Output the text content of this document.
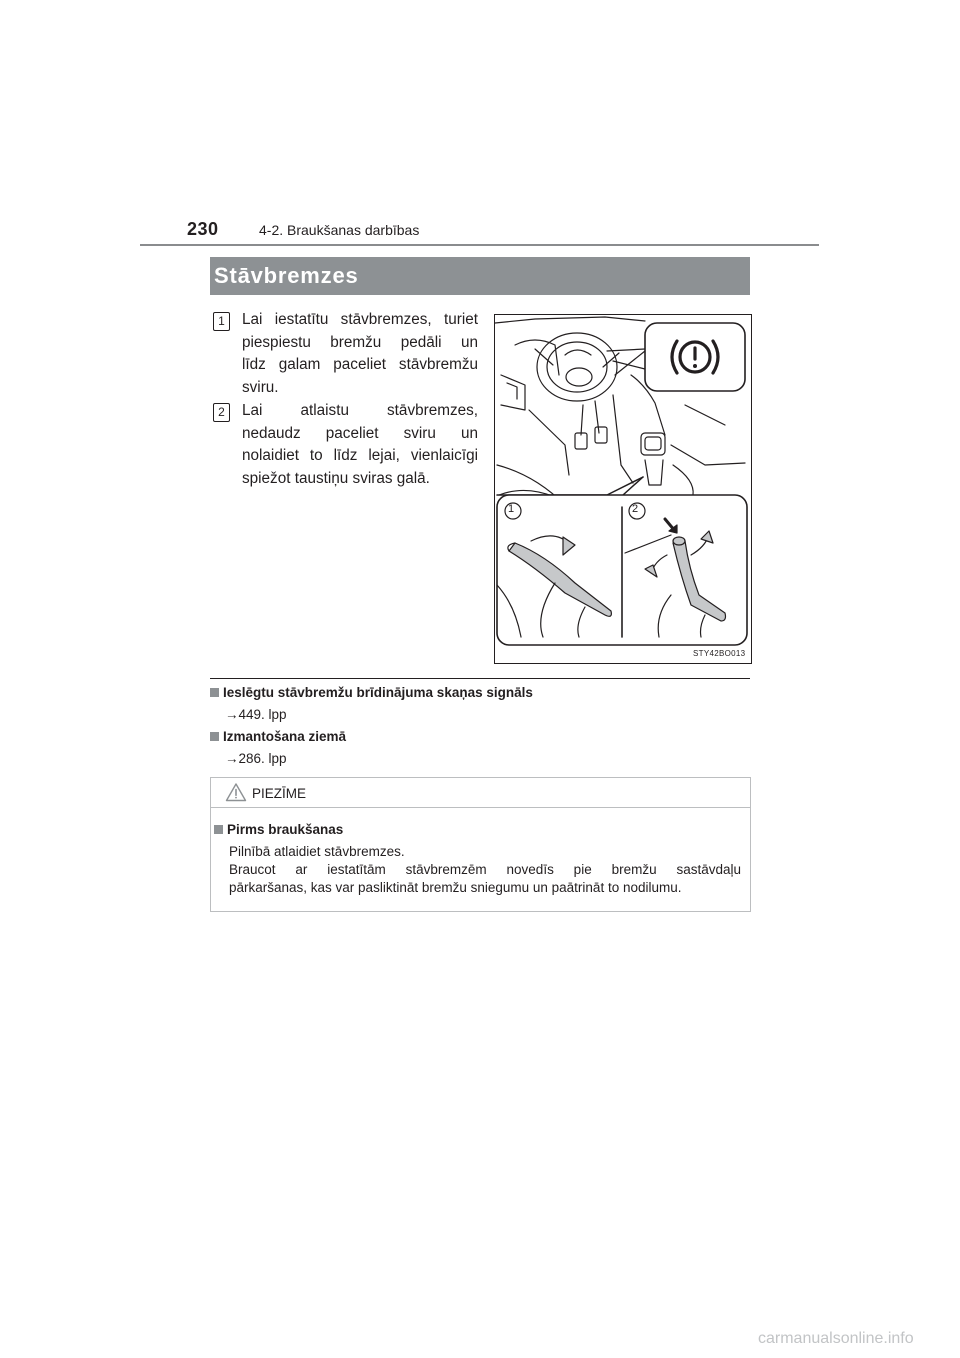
230	4-2. Braukšanas darbības
Stāvbremzes
1	Lai iestatītu stāvbremzes, turiet
piespiestu bremžu pedāli un
līdz galam paceliet stāvbremžu
sviru.
2	Lai atlaistu stāvbremzes,
nedaudz paceliet sviru un
nolaidiet to līdz lejai, vienlaicīgi
spiežot taustiņu sviras galā.
STY42BO013
1	2
Ieslēgtu stāvbremžu brīdinājuma skaņas signāls
→449. lpp
Izmantošana ziemā
→286. lpp
PIEZĪME
Pirms braukšanas
Pilnībā atlaidiet stāvbremzes.
Braucot ar iestatītām stāvbremzēm novedīs pie bremžu sastāvdaļu
pārkaršanas, kas var pasliktināt bremžu sniegumu un paātrināt to nodilumu.
carmanualsonline.info
